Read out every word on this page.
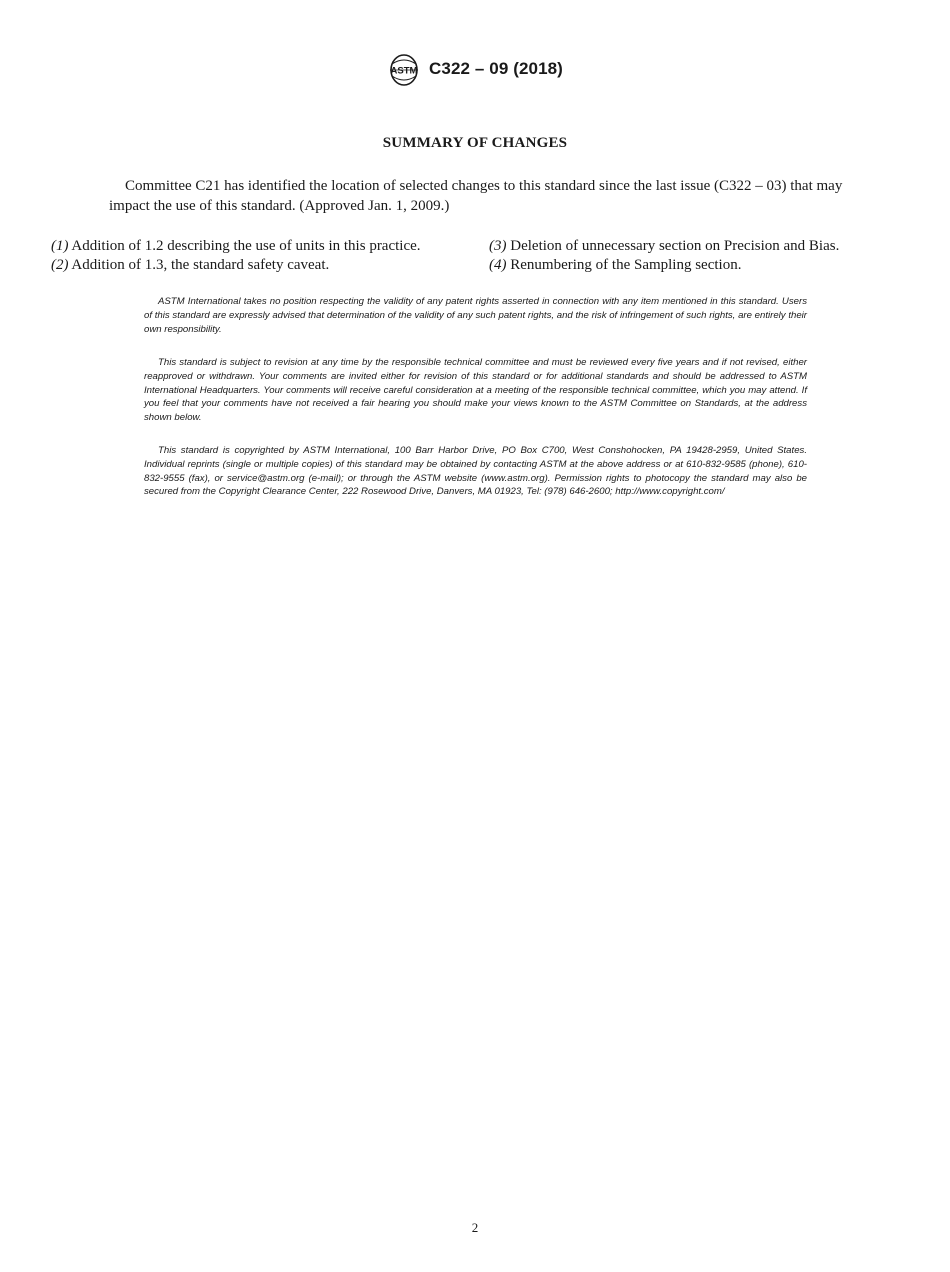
ASTM C322 – 09 (2018)
SUMMARY OF CHANGES

Committee C21 has identified the location of selected changes to this standard since the last issue (C322 – 03) that may impact the use of this standard. (Approved Jan. 1, 2009.)

(1) Addition of 1.2 describing the use of units in this practice.
(2) Addition of 1.3, the standard safety caveat.
(3) Deletion of unnecessary section on Precision and Bias.
(4) Renumbering of the Sampling section.

ASTM International takes no position respecting the validity of any patent rights asserted in connection with any item mentioned in this standard. Users of this standard are expressly advised that determination of the validity of any such patent rights, and the risk of infringement of such rights, are entirely their own responsibility.

This standard is subject to revision at any time by the responsible technical committee and must be reviewed every five years and if not revised, either reapproved or withdrawn. Your comments are invited either for revision of this standard or for additional standards and should be addressed to ASTM International Headquarters. Your comments will receive careful consideration at a meeting of the responsible technical committee, which you may attend. If you feel that your comments have not received a fair hearing you should make your views known to the ASTM Committee on Standards, at the address shown below.

This standard is copyrighted by ASTM International, 100 Barr Harbor Drive, PO Box C700, West Conshohocken, PA 19428-2959, United States. Individual reprints (single or multiple copies) of this standard may be obtained by contacting ASTM at the above address or at 610-832-9585 (phone), 610-832-9555 (fax), or service@astm.org (e-mail); or through the ASTM website (www.astm.org). Permission rights to photocopy the standard may also be secured from the Copyright Clearance Center, 222 Rosewood Drive, Danvers, MA 01923, Tel: (978) 646-2600; http://www.copyright.com/

2
